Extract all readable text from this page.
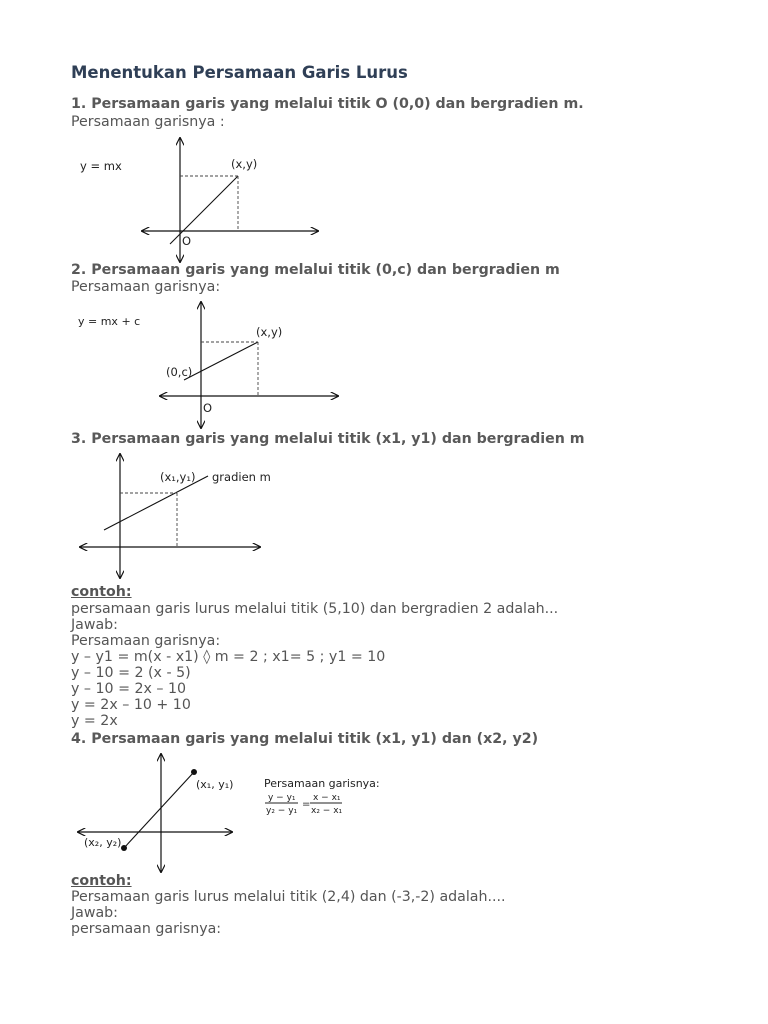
Menentukan Persamaan Garis Lurus
1. Persamaan garis yang melalui titik O (0,0) dan bergradien m.
Persamaan garisnya :
2. Persamaan garis yang melalui titik (0,c) dan bergradien m
Persamaan garisnya:
3. Persamaan garis yang melalui titik (x1, y1) dan bergradien m
contoh:
persamaan garis lurus melalui titik (5,10) dan bergradien 2 adalah...
Jawab:
Persamaan garisnya:
y – y1 = m(x - x1) ◊ m = 2 ; x1= 5 ; y1 = 10
y – 10 = 2 (x - 5)
y – 10 = 2x – 10
y = 2x – 10 + 10
y = 2x
4. Persamaan garis yang melalui titik (x1, y1) dan (x2, y2)
contoh:
Persamaan garis lurus melalui titik (2,4) dan (-3,-2) adalah....
Jawab:
persamaan garisnya:
y = mx	(x,y)
O
y = mx + c
(x,y)
(0,c)
O
(x₁,y₁) gradien m
(x₁, y₁)
(x₂, y₂)
Persamaan garisnya:
y − y₁
y₂ − y₁
=
x − x₁
x₂ − x₁
